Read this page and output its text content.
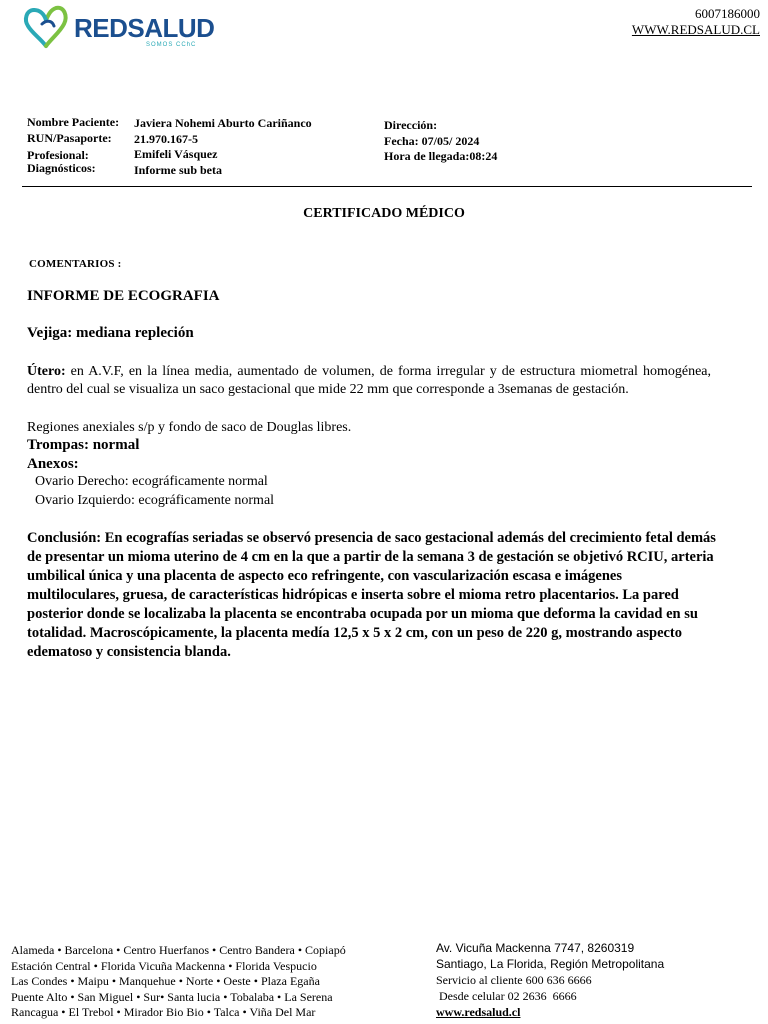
REDSALUD
SOMOS CChC
6007186000
WWW.REDSALUD.CL
Nombre Paciente:
RUN/Pasaporte:
Profesional:
Diagnósticos:
Javiera Nohemi Aburto Cariñanco
21.970.167-5
Emifeli Vásquez
Informe sub beta
Dirección:
Fecha: 07/05/ 2024
Hora de llegada:08:24
CERTIFICADO MÉDICO
COMENTARIOS :
INFORME DE ECOGRAFIA
Vejiga: mediana repleción
Útero: en A.V.F, en la línea media, aumentado de volumen, de forma irregular y de estructura miometral homogénea, dentro del cual se visualiza un saco gestacional que mide 22 mm que corresponde a 3semanas de gestación.
Regiones anexiales s/p y fondo de saco de Douglas libres.
Trompas: normal
Anexos:
Ovario Derecho: ecográficamente normal
Ovario Izquierdo: ecográficamente normal
Conclusión: En ecografías seriadas se observó presencia de saco gestacional además del crecimiento fetal demás de presentar un mioma uterino de 4 cm en la que a partir de la semana 3 de gestación se objetivó RCIU, arteria umbilical única y una placenta de aspecto eco refringente, con vascularización escasa e imágenes multiloculares, gruesa, de características hidrópicas e inserta sobre el mioma retro placentarios. La pared posterior donde se localizaba la placenta se encontraba ocupada por un mioma que deforma la cavidad en su totalidad. Macroscópicamente, la placenta medía 12,5 x 5 x 2 cm, con un peso de 220 g, mostrando aspecto edematoso y consistencia blanda.
Alameda • Barcelona • Centro Huerfanos • Centro Bandera • Copiapó
Estación Central • Florida Vicuña Mackenna • Florida Vespucio
Las Condes • Maipu • Manquehue • Norte • Oeste • Plaza Egaña
Puente Alto • San Miguel • Sur• Santa lucia • Tobalaba • La Serena
Rancagua • El Trebol • Mirador Bio Bio • Talca • Viña Del Mar
Av. Vicuña Mackenna 7747, 8260319
Santiago, La Florida, Región Metropolitana
Servicio al cliente 600 636 6666
Desde celular 02 2636  6666
www.redsalud.cl
